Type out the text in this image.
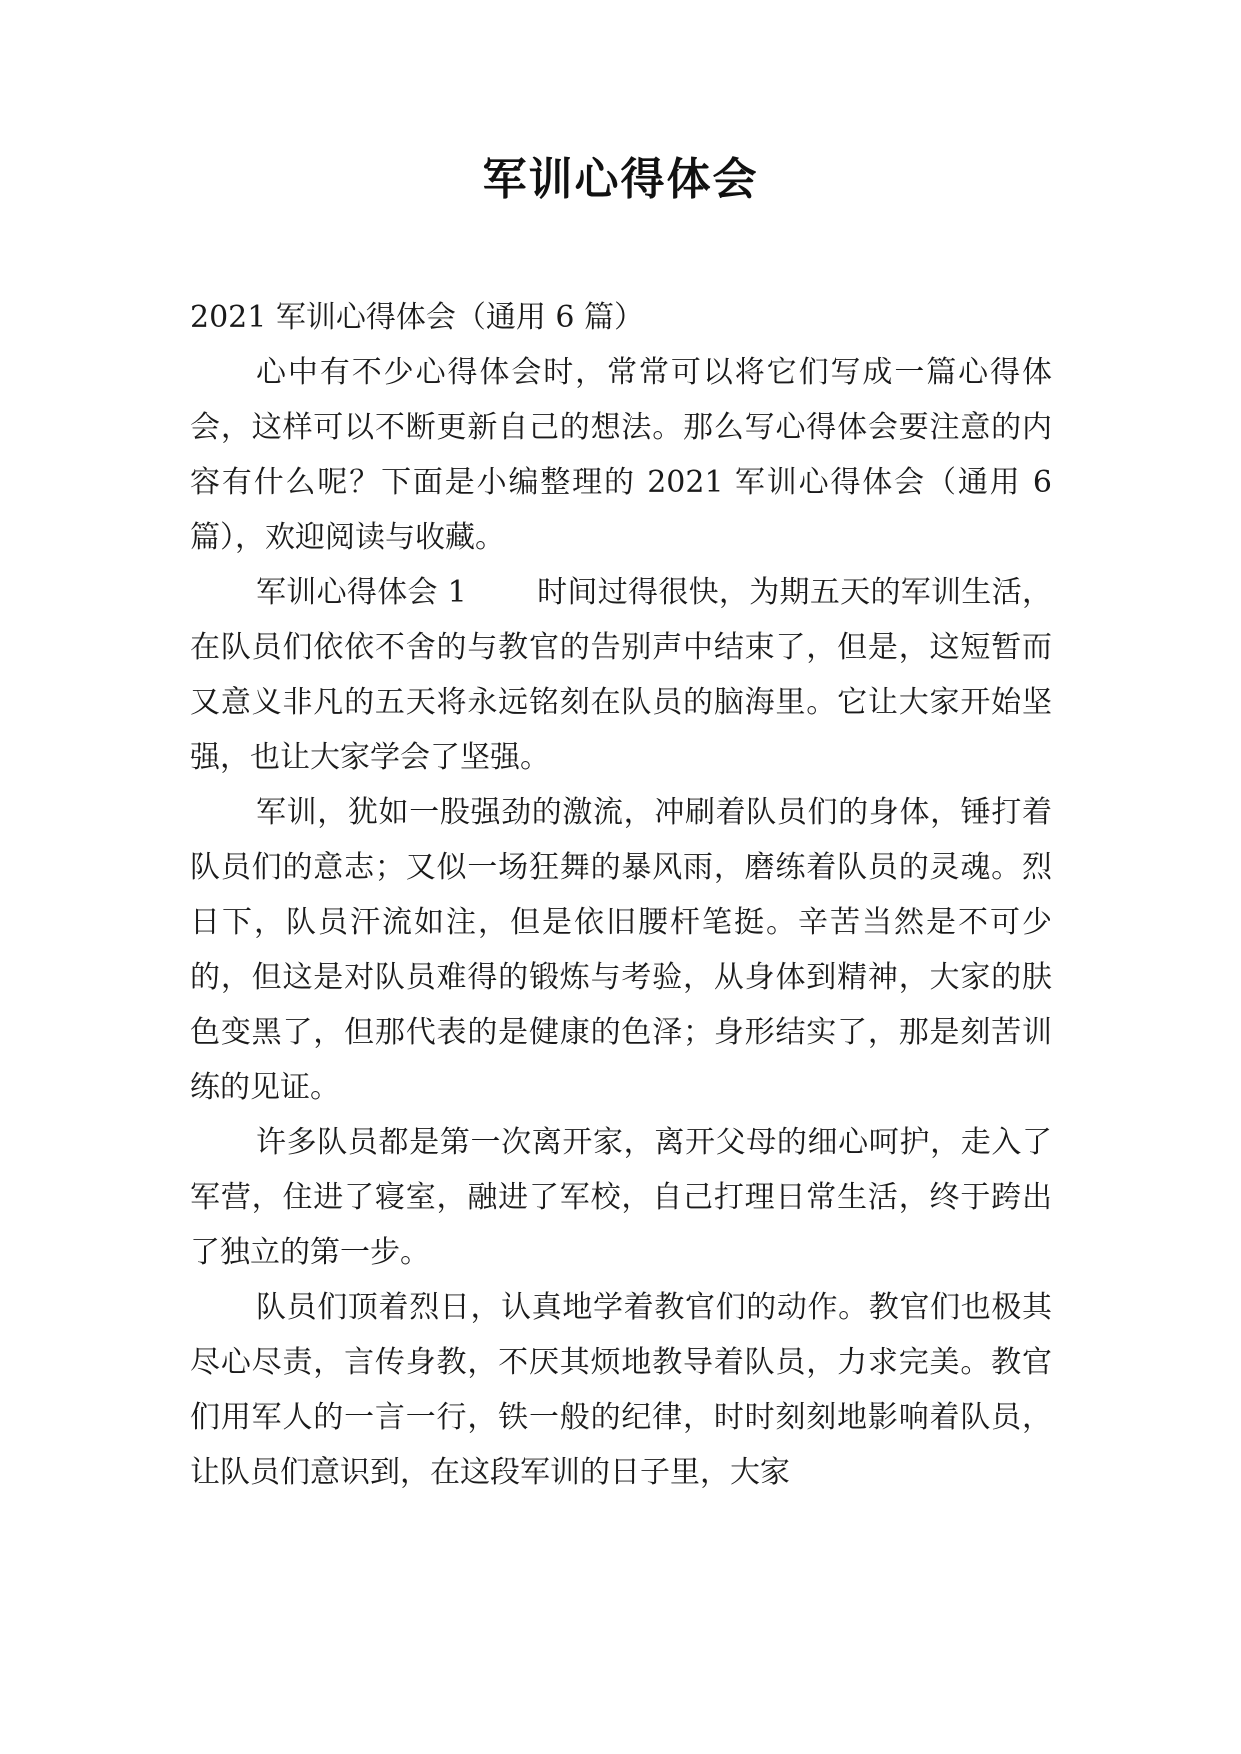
军训心得体会

2021 军训心得体会（通用 6 篇）

心中有不少心得体会时，常常可以将它们写成一篇心得体会，这样可以不断更新自己的想法。那么写心得体会要注意的内容有什么呢？下面是小编整理的 2021 军训心得体会（通用 6 篇），欢迎阅读与收藏。

军训心得体会 1 时间过得很快，为期五天的军训生活，在队员们依依不舍的与教官的告别声中结束了，但是，这短暂而又意义非凡的五天将永远铭刻在队员的脑海里。它让大家开始坚强，也让大家学会了坚强。

军训，犹如一股强劲的激流，冲刷着队员们的身体，锤打着队员们的意志；又似一场狂舞的暴风雨，磨练着队员的灵魂。烈日下，队员汗流如注，但是依旧腰杆笔挺。辛苦当然是不可少的，但这是对队员难得的锻炼与考验，从身体到精神，大家的肤色变黑了，但那代表的是健康的色泽；身形结实了，那是刻苦训练的见证。

许多队员都是第一次离开家，离开父母的细心呵护，走入了军营，住进了寝室，融进了军校，自己打理日常生活，终于跨出了独立的第一步。

队员们顶着烈日，认真地学着教官们的动作。教官们也极其尽心尽责，言传身教，不厌其烦地教导着队员，力求完美。教官们用军人的一言一行，铁一般的纪律，时时刻刻地影响着队员，让队员们意识到，在这段军训的日子里，大家
